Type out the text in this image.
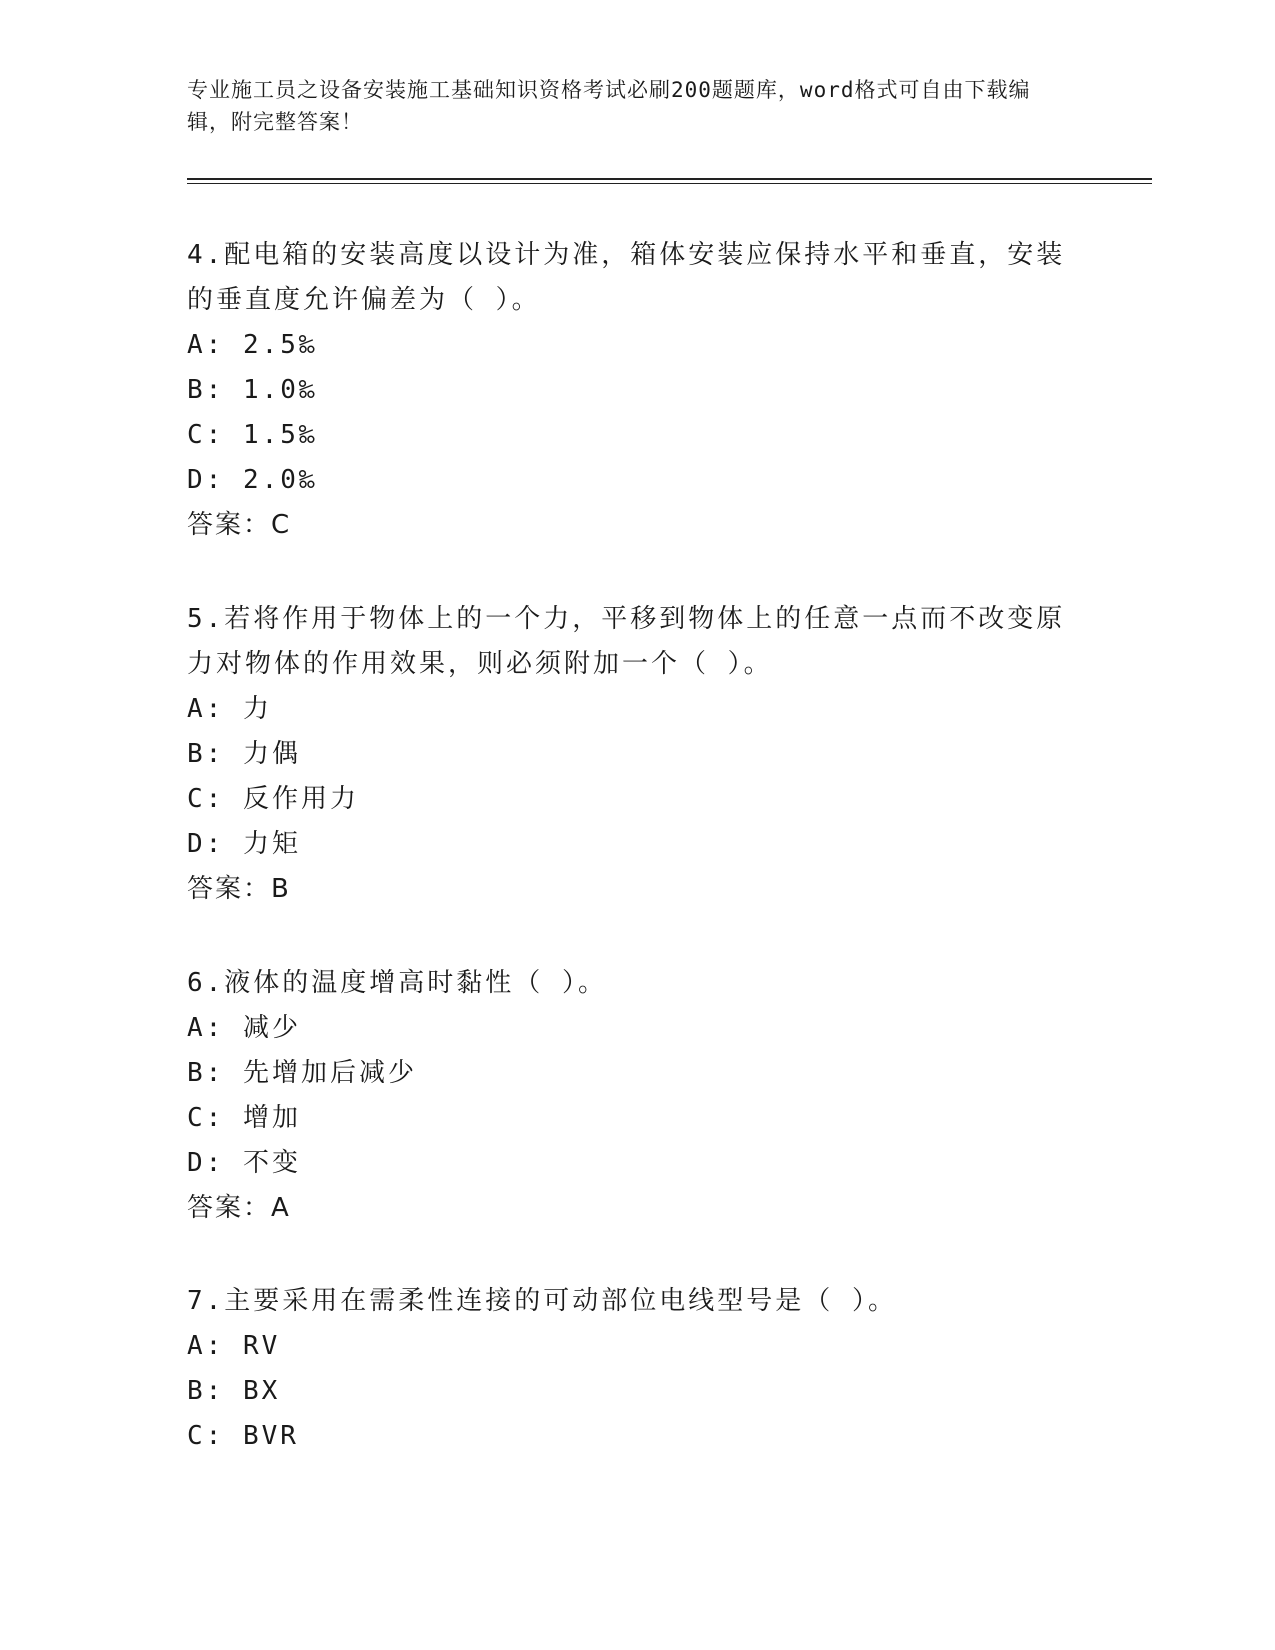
专业施工员之设备安装施工基础知识资格考试必刷200题题库，word格式可自由下载编辑，附完整答案！

4.配电箱的安装高度以设计为准，箱体安装应保持水平和垂直，安装的垂直度允许偏差为（ ）。

A: 2.5‰

B: 1.0‰

C: 1.5‰

D: 2.0‰

答案：C

5.若将作用于物体上的一个力，平移到物体上的任意一点而不改变原力对物体的作用效果，则必须附加一个（ ）。

A: 力

B: 力偶

C: 反作用力

D: 力矩

答案：B

6.液体的温度增高时黏性（ ）。

A: 减少

B: 先增加后减少

C: 增加

D: 不变

答案：A

7.主要采用在需柔性连接的可动部位电线型号是（ ）。

A: RV

B: BX

C: BVR
